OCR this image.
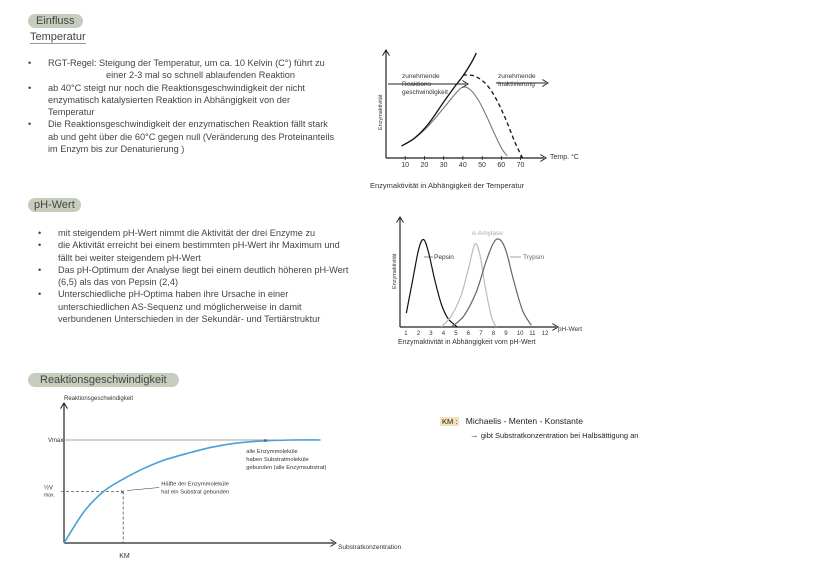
Einfluss
Temperatur
• RGT-Regel: Steigung der Temperatur, um ca. 10 Kelvin (C°) führt zu
einer 2-3 mal so schnell ablaufenden Reaktion
• ab 40°C steigt nur noch die Reaktionsgeschwindigkeit der nicht
enzymatisch katalysierten Reaktion in Abhängigkeit von der
Temperatur
• Die Reaktionsgeschwindigkeit der enzymatischen Reaktion fällt stark
ab und geht über die 60°C gegen null (Veränderung des Proteinanteils
im Enzym bis zur Denaturierung )
pH-Wert
• mit steigendem pH-Wert nimmt die Aktivität der drei Enzyme zu
• die Aktivität erreicht bei einem bestimmten pH-Wert ihr Maximum und
fällt bei weiter steigendem pH-Wert
• Das pH-Optimum der Analyse liegt bei einem deutlich höheren pH-Wert
(6,5) als das von Pepsin (2,4)
• Unterschiedliche pH-Optima haben ihre Ursache in einer
unterschiedlichen AS-Sequenz und möglicherweise in damit
verbundenen Unterschieden in der Sekundär- und Tertiärstruktur
Reaktionsgeschwindigkeit
10 20 30 40 50 60 70
Temp. °C
Enzymaktivität
zunehmende
Reaktions-
geschwindigkeit
zunehmende
Inaktivierung
Enzymaktivität in Abhängigkeit der Temperatur
1 2 3 4 5 6 7 8 9 10 11 12
pH-Wert
Enzymaktivität	Pepsin
α-Amylase
Trypsin
Enzymaktivität in Abhängigkeit vom pH-Wert
Reaktionsgeschwindigkeit
Substratkonzentration
Vmax
½V
max.
×
×
KM
alle Enzymmoleküle
haben Substratmoleküle
gebunden (alle Enzymsubstrat)
Hälfte der Enzymmoleküle
hat ein Substrat gebunden
KM : Michaelis - Menten - Konstante
→ gibt Substratkonzentration bei Halbsättigung an
